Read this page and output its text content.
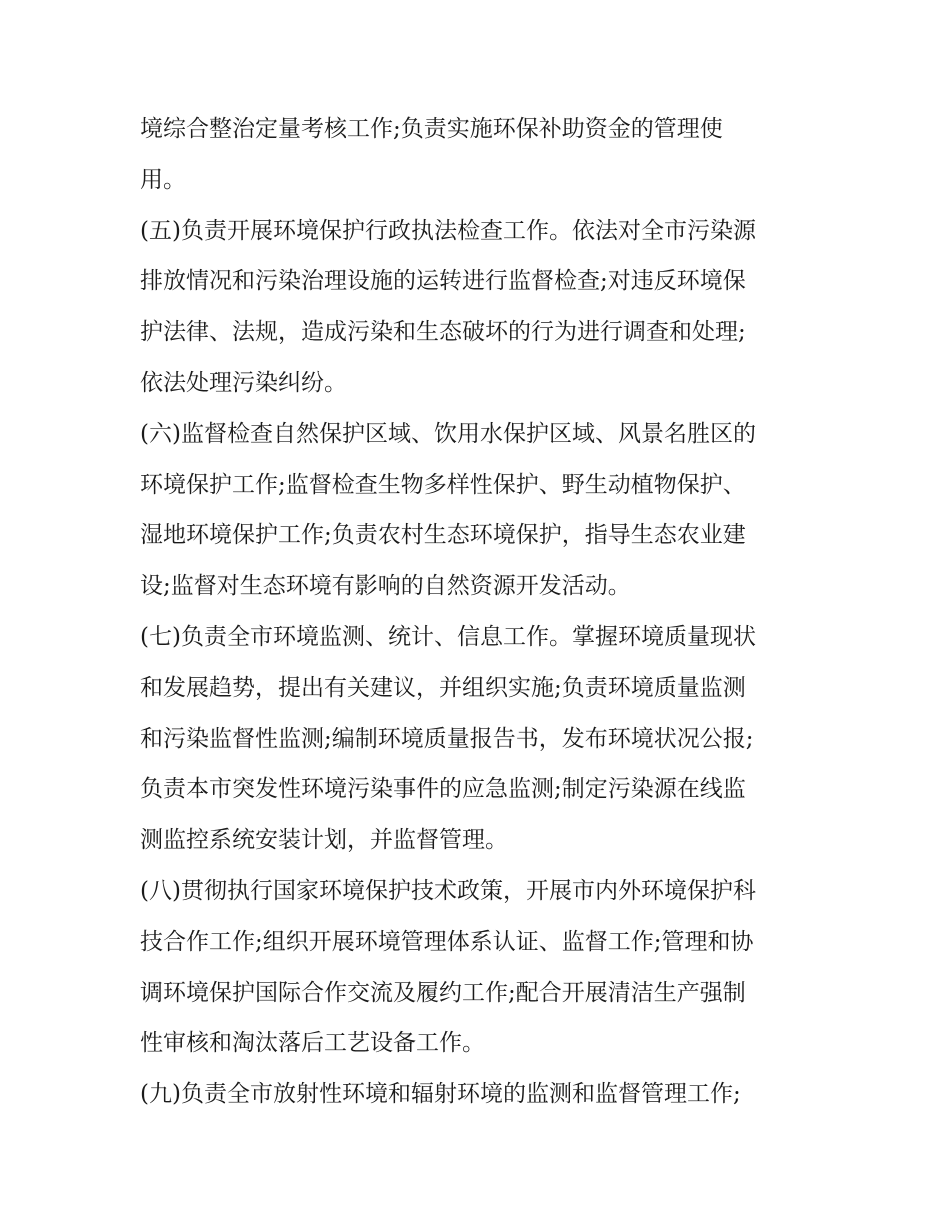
境综合整治定量考核工作;负责实施环保补助资金的管理使
用。
(五)负责开展环境保护行政执法检查工作。依法对全市污染源
排放情况和污染治理设施的运转进行监督检查;对违反环境保
护法律、法规，造成污染和生态破坏的行为进行调查和处理;
依法处理污染纠纷。
(六)监督检查自然保护区域、饮用水保护区域、风景名胜区的
环境保护工作;监督检查生物多样性保护、野生动植物保护、
湿地环境保护工作;负责农村生态环境保护，指导生态农业建
设;监督对生态环境有影响的自然资源开发活动。
(七)负责全市环境监测、统计、信息工作。掌握环境质量现状
和发展趋势，提出有关建议，并组织实施;负责环境质量监测
和污染监督性监测;编制环境质量报告书，发布环境状况公报;
负责本市突发性环境污染事件的应急监测;制定污染源在线监
测监控系统安装计划，并监督管理。
(八)贯彻执行国家环境保护技术政策，开展市内外环境保护科
技合作工作;组织开展环境管理体系认证、监督工作;管理和协
调环境保护国际合作交流及履约工作;配合开展清洁生产强制
性审核和淘汰落后工艺设备工作。
(九)负责全市放射性环境和辐射环境的监测和监督管理工作;
